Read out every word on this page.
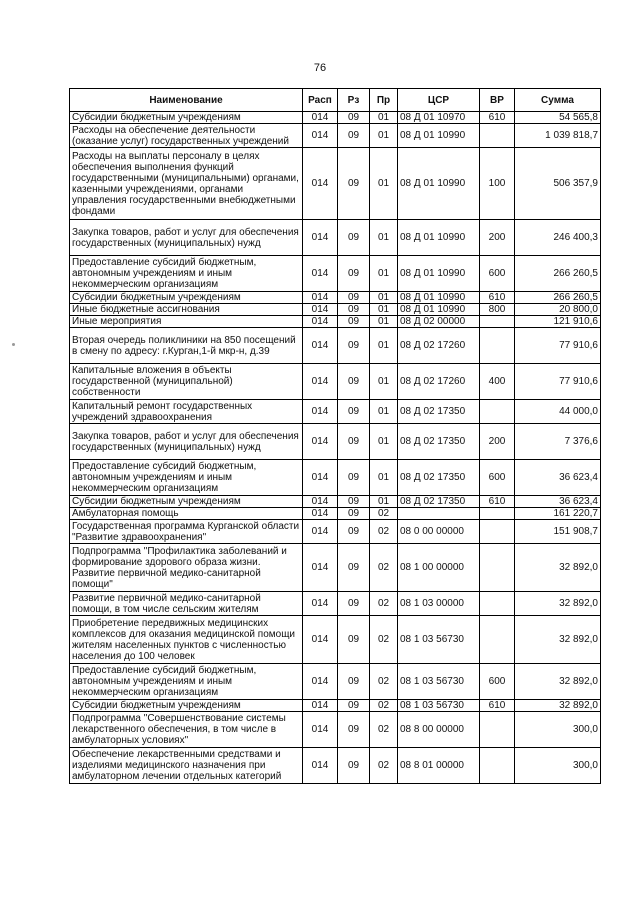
76
Наименование	Расп	Рз	Пр	ЦСР	ВР	Сумма
Субсидии бюджетным учреждениям	014	09	01	08 Д 01 10970	610	54 565,8
Расходы на обеспечение деятельности (оказание услуг) государственных учреждений	014	09	01	08 Д 01 10990		1 039 818,7
Расходы на выплаты персоналу в целях обеспечения выполнения функций государственными (муниципальными) органами, казенными учреждениями, органами управления государственными внебюджетными фондами	014	09	01	08 Д 01 10990	100	506 357,9
Закупка товаров, работ и услуг для обеспечения государственных (муниципальных) нужд	014	09	01	08 Д 01 10990	200	246 400,3
Предоставление субсидий бюджетным, автономным учреждениям и иным некоммерческим организациям	014	09	01	08 Д 01 10990	600	266 260,5
Субсидии бюджетным учреждениям	014	09	01	08 Д 01 10990	610	266 260,5
Иные бюджетные ассигнования	014	09	01	08 Д 01 10990	800	20 800,0
Иные мероприятия	014	09	01	08 Д 02 00000		121 910,6
Вторая очередь поликлиники на 850 посещений в смену по адресу: г.Курган,1-й мкр-н, д.39	014	09	01	08 Д 02 17260		77 910,6
Капитальные вложения в объекты государственной (муниципальной) собственности	014	09	01	08 Д 02 17260	400	77 910,6
Капитальный ремонт государственных учреждений здравоохранения	014	09	01	08 Д 02 17350		44 000,0
Закупка товаров, работ и услуг для обеспечения государственных (муниципальных) нужд	014	09	01	08 Д 02 17350	200	7 376,6
Предоставление субсидий бюджетным, автономным учреждениям и иным некоммерческим организациям	014	09	01	08 Д 02 17350	600	36 623,4
Субсидии бюджетным учреждениям	014	09	01	08 Д 02 17350	610	36 623,4
Амбулаторная помощь	014	09	02			161 220,7
Государственная программа Курганской области "Развитие здравоохранения"	014	09	02	08 0 00 00000		151 908,7
Подпрограмма "Профилактика заболеваний и формирование здорового образа жизни. Развитие первичной медико-санитарной помощи"	014	09	02	08 1 00 00000		32 892,0
Развитие первичной медико-санитарной помощи, в том числе сельским жителям	014	09	02	08 1 03 00000		32 892,0
Приобретение передвижных медицинских комплексов для оказания медицинской помощи жителям населенных пунктов с численностью населения до 100 человек	014	09	02	08 1 03 56730		32 892,0
Предоставление субсидий бюджетным, автономным учреждениям и иным некоммерческим организациям	014	09	02	08 1 03 56730	600	32 892,0
Субсидии бюджетным учреждениям	014	09	02	08 1 03 56730	610	32 892,0
Подпрограмма "Совершенствование системы лекарственного обеспечения, в том числе в амбулаторных условиях"	014	09	02	08 8 00 00000		300,0
Обеспечение лекарственными средствами и изделиями медицинского назначения при амбулаторном лечении отдельных категорий	014	09	02	08 8 01 00000		300,0
